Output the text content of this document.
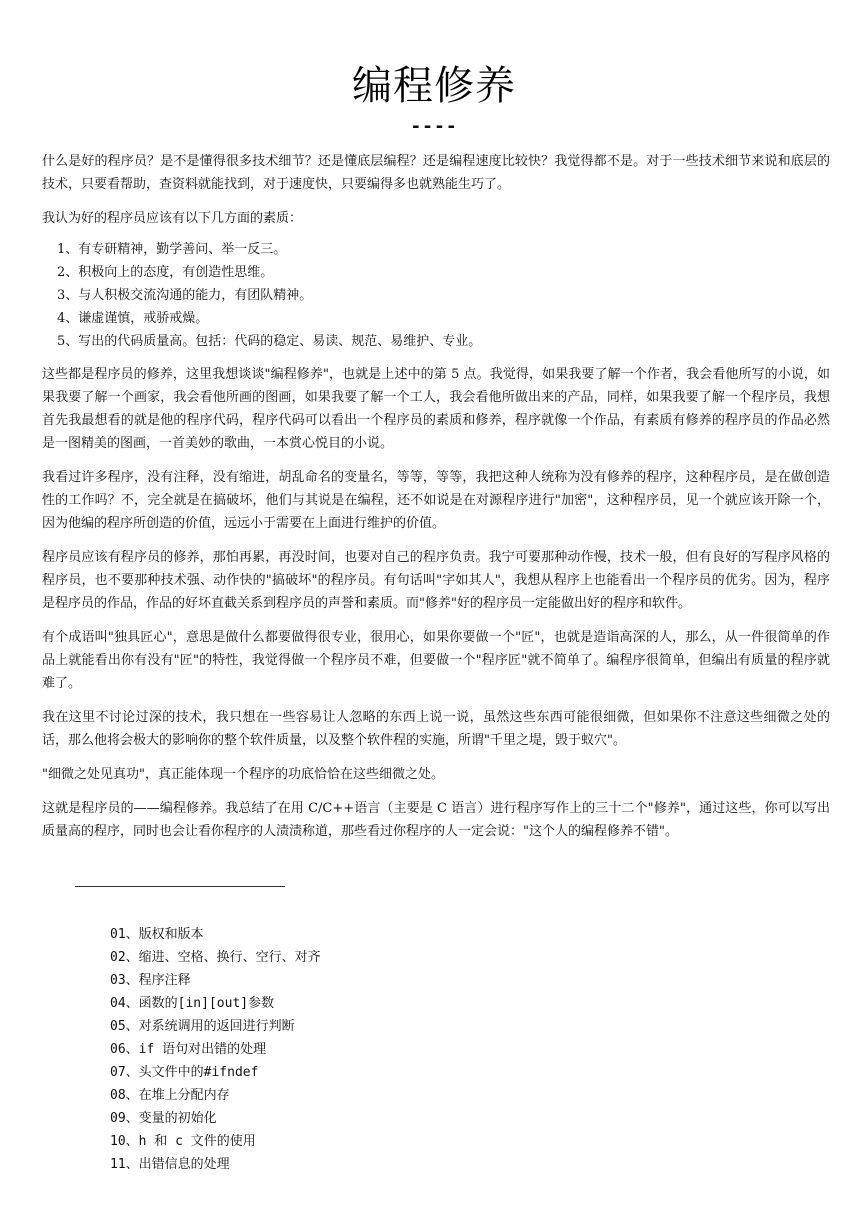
编程修养
----

什么是好的程序员？是不是懂得很多技术细节？还是懂底层编程？还是编程速度比较快？我觉得都不是。对于一些技术细节来说和底层的技术，只要看帮助，查资料就能找到，对于速度快，只要编得多也就熟能生巧了。

我认为好的程序员应该有以下几方面的素质：

1、有专研精神，勤学善问、举一反三。
2、积极向上的态度，有创造性思维。
3、与人积极交流沟通的能力，有团队精神。
4、谦虚谨慎，戒骄戒燥。
5、写出的代码质量高。包括：代码的稳定、易读、规范、易维护、专业。

这些都是程序员的修养，这里我想谈谈"编程修养"，也就是上述中的第 5 点。我觉得，如果我要了解一个作者，我会看他所写的小说，如果我要了解一个画家，我会看他所画的图画，如果我要了解一个工人，我会看他所做出来的产品，同样，如果我要了解一个程序员，我想首先我最想看的就是他的程序代码，程序代码可以看出一个程序员的素质和修养，程序就像一个作品，有素质有修养的程序员的作品必然是一图精美的图画，一首美妙的歌曲，一本赏心悦目的小说。

我看过许多程序，没有注释，没有缩进，胡乱命名的变量名，等等，等等，我把这种人统称为没有修养的程序，这种程序员，是在做创造性的工作吗？不，完全就是在搞破坏，他们与其说是在编程，还不如说是在对源程序进行"加密"，这种程序员，见一个就应该开除一个，因为他编的程序所创造的价值，远远小于需要在上面进行维护的价值。

程序员应该有程序员的修养，那怕再累，再没时间，也要对自己的程序负责。我宁可要那种动作慢，技术一般，但有良好的写程序风格的程序员，也不要那种技术强、动作快的"搞破坏"的程序员。有句话叫"字如其人"，我想从程序上也能看出一个程序员的优劣。因为，程序是程序员的作品，作品的好坏直截关系到程序员的声誉和素质。而"修养"好的程序员一定能做出好的程序和软件。

有个成语叫"独具匠心"，意思是做什么都要做得很专业，很用心，如果你要做一个"匠"，也就是造诣高深的人，那么，从一件很简单的作品上就能看出你有没有"匠"的特性，我觉得做一个程序员不难，但要做一个"程序匠"就不简单了。编程序很简单，但编出有质量的程序就难了。

我在这里不讨论过深的技术，我只想在一些容易让人忽略的东西上说一说，虽然这些东西可能很细微，但如果你不注意这些细微之处的话，那么他将会极大的影响你的整个软件质量，以及整个软件程的实施，所谓"千里之堤，毁于蚁穴"。

"细微之处见真功"，真正能体现一个程序的功底恰恰在这些细微之处。

这就是程序员的——编程修养。我总结了在用 C/C++语言（主要是 C 语言）进行程序写作上的三十二个"修养"，通过这些，你可以写出质量高的程序，同时也会让看你程序的人渍渍称道，那些看过你程序的人一定会说："这个人的编程修养不错"。

01、版权和版本
02、缩进、空格、换行、空行、对齐
03、程序注释
04、函数的[in][out]参数
05、对系统调用的返回进行判断
06、if 语句对出错的处理
07、头文件中的#ifndef
08、在堆上分配内存
09、变量的初始化
10、h 和 c 文件的使用
11、出错信息的处理
